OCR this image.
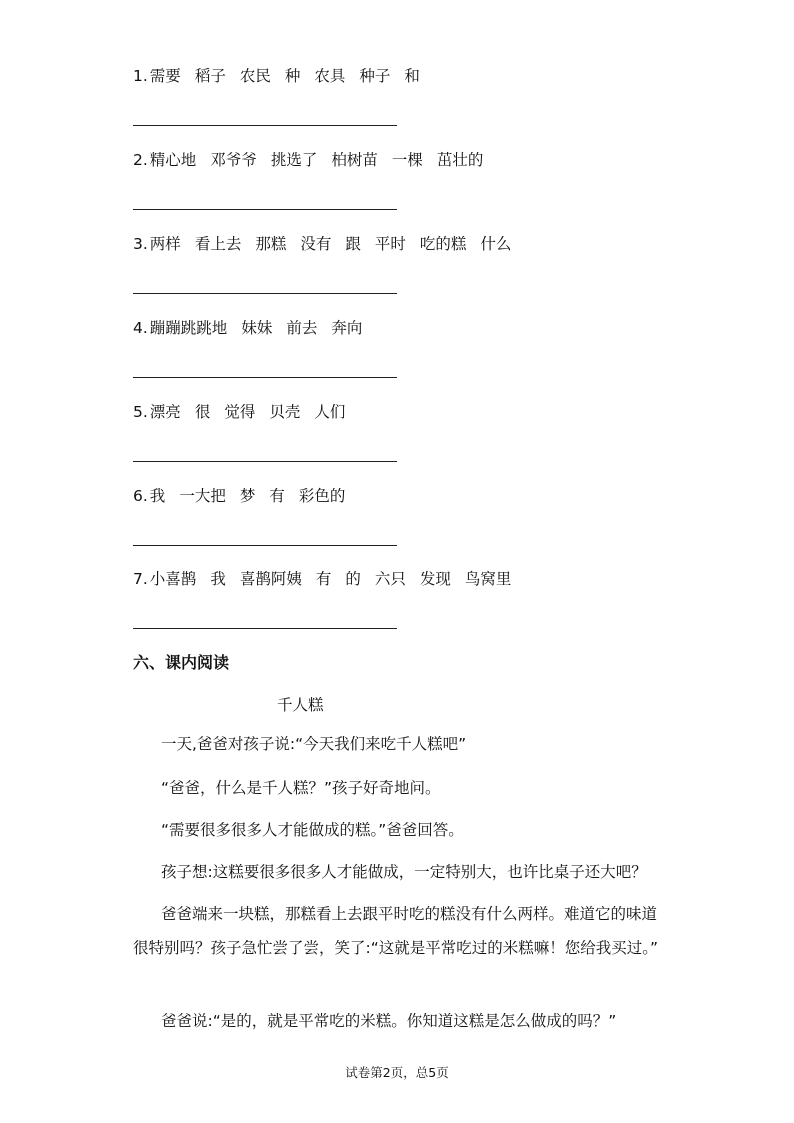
1. 需要 稻子 农民 种 农具 种子 和
2. 精心地 邓爷爷 挑选了 柏树苗 一棵 茁壮的
3. 两样 看上去 那糕 没有 跟 平时 吃的糕 什么
4. 蹦蹦跳跳地 妹妹 前去 奔向
5. 漂亮 很 觉得 贝壳 人们
6. 我 一大把 梦 有 彩色的
7. 小喜鹊 我 喜鹊阿姨 有 的 六只 发现 鸟窝里
六、课内阅读
千人糕
一天,爸爸对孩子说:“今天我们来吃千人糕吧”
“爸爸，什么是千人糕？”孩子好奇地问。
“需要很多很多人才能做成的糕。”爸爸回答。
孩子想:这糕要很多很多人才能做成，一定特别大，也许比桌子还大吧？
爸爸端来一块糕，那糕看上去跟平时吃的糕没有什么两样。难道它的味道很特别吗？孩子急忙尝了尝，笑了:“这就是平常吃过的米糕嘛！您给我买过。”
爸爸说:“是的，就是平常吃的米糕。你知道这糕是怎么做成的吗？”
试卷第2页，总5页
